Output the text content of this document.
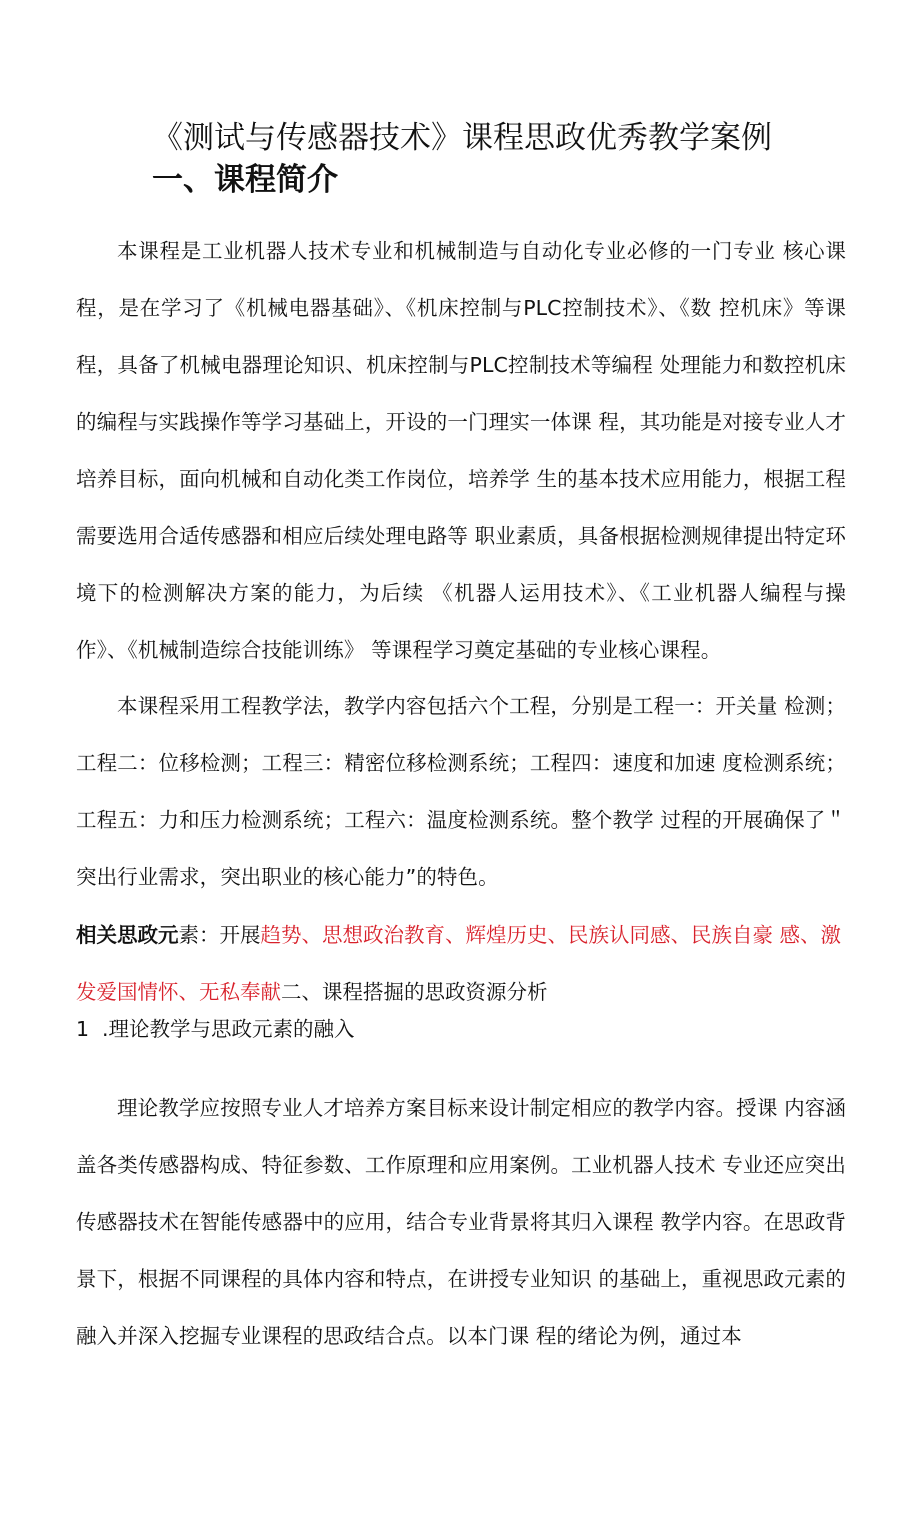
《测试与传感器技术》课程思政优秀教学案例
一、课程简介

本课程是工业机器人技术专业和机械制造与自动化专业必修的一门专业 核心课程，是在学习了《机械电器基础》、《机床控制与PLC控制技术》、《数 控机床》等课程，具备了机械电器理论知识、机床控制与PLC控制技术等编程 处理能力和数控机床的编程与实践操作等学习基础上，开设的一门理实一体课 程，其功能是对接专业人才培养目标，面向机械和自动化类工作岗位，培养学 生的基本技术应用能力，根据工程需要选用合适传感器和相应后续处理电路等 职业素质，具备根据检测规律提出特定环境下的检测解决方案的能力，为后续 《机器人运用技术》、《工业机器人编程与操作》、《机械制造综合技能训练》 等课程学习奠定基础的专业核心课程。

本课程采用工程教学法，教学内容包括六个工程，分别是工程一：开关量 检测；工程二：位移检测；工程三：精密位移检测系统；工程四：速度和加速 度检测系统；工程五：力和压力检测系统；工程六：温度检测系统。整个教学 过程的开展确保了＂突出行业需求，突出职业的核心能力”的特色。

相关思政元素：开展趋势、思想政治教育、辉煌历史、民族认同感、民族自豪 感、激发爱国情怀、无私奉献二、课程搭掘的思政资源分析

1 .理论教学与思政元素的融入

理论教学应按照专业人才培养方案目标来设计制定相应的教学内容。授课 内容涵盖各类传感器构成、特征参数、工作原理和应用案例。工业机器人技术 专业还应突出传感器技术在智能传感器中的应用，结合专业背景将其归入课程 教学内容。在思政背景下，根据不同课程的具体内容和特点，在讲授专业知识 的基础上，重视思政元素的融入并深入挖掘专业课程的思政结合点。以本门课 程的绪论为例，通过本
